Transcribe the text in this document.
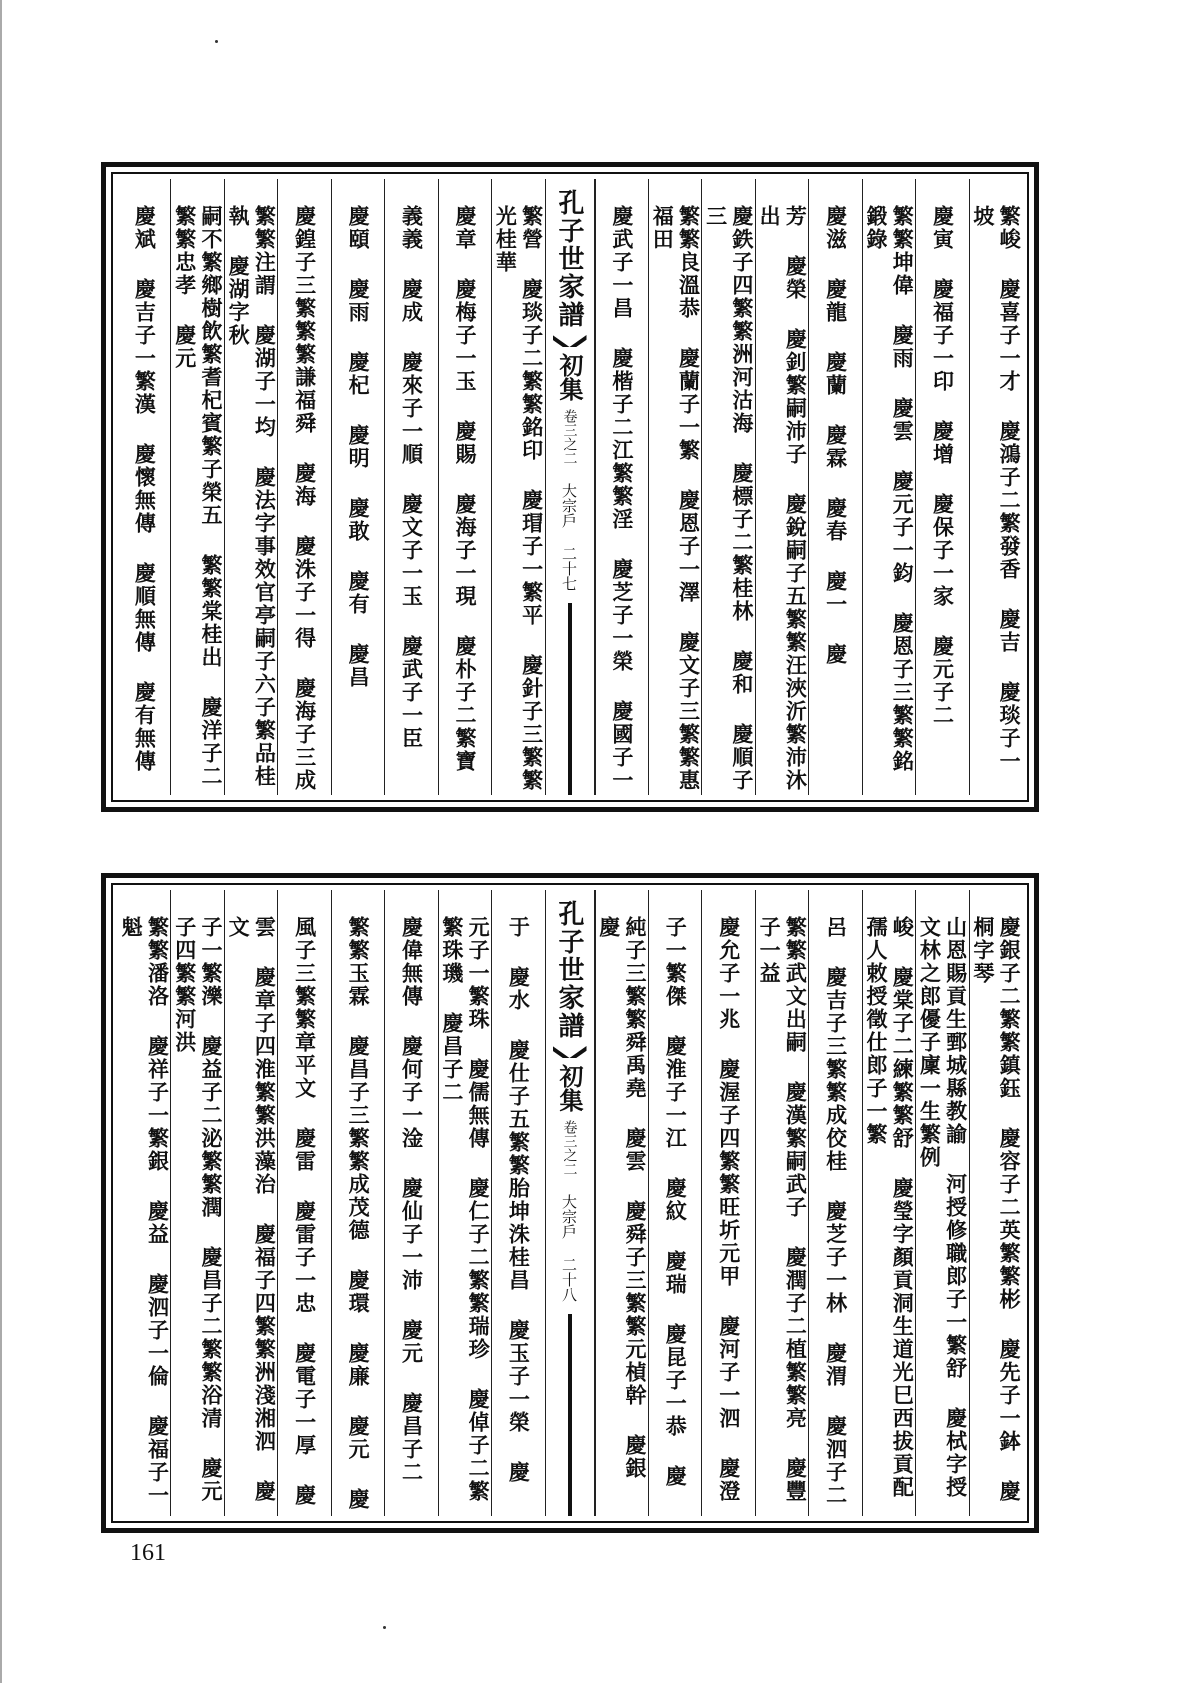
繁峻 慶喜子一才 慶鴻子二繁發香 慶吉 慶琰子一坡
慶寅 慶福子一印 慶增 慶保子一家 慶元子二
繁繁坤偉 慶雨 慶雲 慶元子一鈞 慶恩子三繁繁銘鍛錄
慶滋 慶龍 慶蘭 慶霖 慶春 慶一 慶
芳 慶榮 慶釗繁嗣沛子 慶銳嗣子五繁繁汪浹沂繁沛沐出
慶鉄子四繁繁洲河沽海 慶標子二繁桂林 慶和 慶順子三
繁繁良溫恭 慶蘭子一繁 慶恩子一澤 慶文子三繁繁惠福田
慶武子一昌 慶楷子二江繁繁淫 慶芝子一榮 慶國子一
孔子世家譜
初集
卷三之二
大宗戶
二十七
繁營 慶琰子二繁繁銘印 慶瑁子一繁平 慶針子三繁繁光桂華
慶章 慶梅子一玉 慶賜 慶海子一現 慶朴子二繁寶
義義 慶成 慶來子一順 慶文子一玉 慶武子一臣
慶頤 慶雨 慶杞 慶明 慶敢 慶有 慶昌
慶鍠子三繁繁繁謙福舜 慶海 慶洙子一得 慶海子三成
繁繁注謂 慶湖子一均 慶法字事效官亭嗣子六子繁品桂執 慶湖字秋
嗣不繁鄉樹飲繁耆杞賓繁子榮五 繁繁棠桂出 慶洋子二繁繁忠孝 慶元
慶斌 慶吉子一繁漢 慶懷無傳 慶順無傳 慶有無傳
慶銀子二繁繁鎮鈺 慶容子二英繁繁彬 慶先子一鉢 慶桐字琴
山恩賜貢生鄄城縣教諭 河授修職郎子一繁舒 慶栻字授文林之郎優子廩一生繁例
峻 慶棠子二練繁繁舒 慶瑩字顏貢洞生道光巳西拔貢配孺人敕授徵仕郎子一繁
呂 慶吉子三繁繁成佼桂 慶芝子一林 慶渭 慶泗子二
繁繁武文出嗣 慶漢繁嗣武子 慶潤子二植繁繁亮 慶豐子一益
慶允子一兆 慶渥子四繁繁旺圻元甲 慶河子一泗 慶澄
子一繁傑 慶淮子一江 慶紋 慶瑞 慶昆子一恭 慶
純子三繁繁舜禹堯 慶雲 慶舜子三繁繁元楨幹 慶銀 慶
孔子世家譜
初集
卷三之二
大宗戶
二十八
于 慶水 慶仕子五繁繁胎坤洙桂昌 慶玉子一榮 慶
元子一繁珠 慶儒無傳 慶仁子二繁繁瑞珍 慶倬子二繁繁珠璣 慶昌子二
慶偉無傳 慶何子一淦 慶仙子一沛 慶元 慶昌子二
繁繁玉霖 慶昌子三繁繁成茂德 慶環 慶廉 慶元 慶
風子三繁繁章平文 慶雷 慶雷子一忠 慶電子一厚 慶
雲 慶章子四淮繁繁洪藻治 慶福子四繁繁洲淺湘泗 慶文
子一繁濼 慶益子二泌繁繁潤 慶昌子二繁繁浴清 慶元子四繁繁河洪
繁繁潘洛 慶祥子一繁銀 慶益 慶泗子一倫 慶福子一魁
161
